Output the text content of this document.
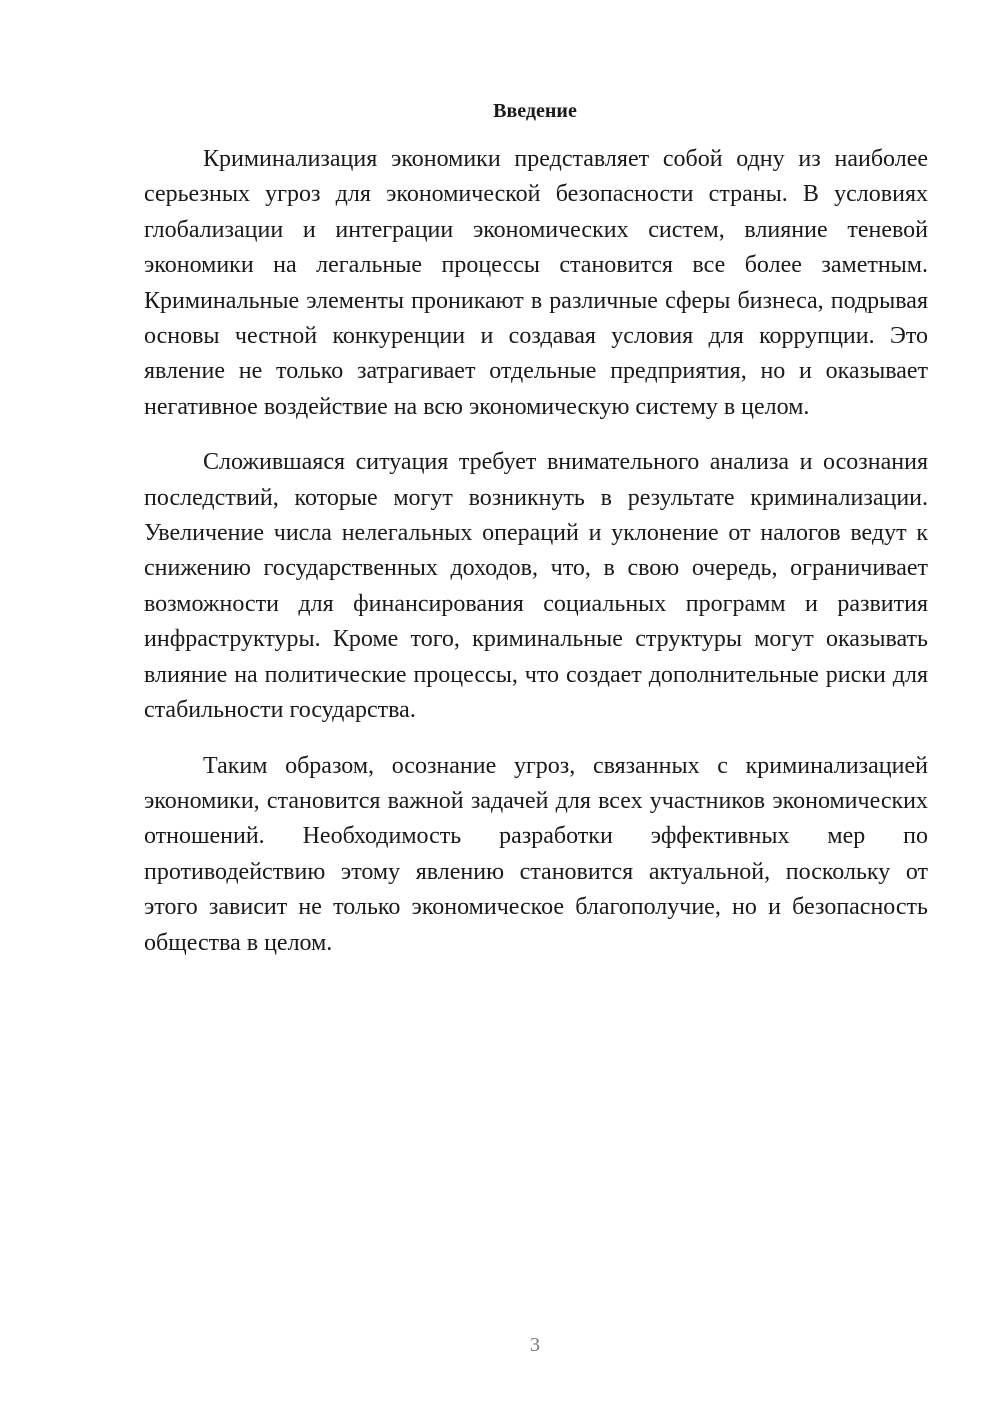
Введение

Криминализация экономики представляет собой одну из наиболее серьезных угроз для экономической безопасности страны. В условиях глобализации и интеграции экономических систем, влияние теневой экономики на легальные процессы становится все более заметным. Криминальные элементы проникают в различные сферы бизнеса, подрывая основы честной конкуренции и создавая условия для коррупции. Это явление не только затрагивает отдельные предприятия, но и оказывает негативное воздействие на всю экономическую систему в целом.

Сложившаяся ситуация требует внимательного анализа и осознания последствий, которые могут возникнуть в результате криминализации. Увеличение числа нелегальных операций и уклонение от налогов ведут к снижению государственных доходов, что, в свою очередь, ограничивает возможности для финансирования социальных программ и развития инфраструктуры. Кроме того, криминальные структуры могут оказывать влияние на политические процессы, что создает дополнительные риски для стабильности государства.

Таким образом, осознание угроз, связанных с криминализацией экономики, становится важной задачей для всех участников экономических отношений. Необходимость разработки эффективных мер по противодействию этому явлению становится актуальной, поскольку от этого зависит не только экономическое благополучие, но и безопасность общества в целом.

3
